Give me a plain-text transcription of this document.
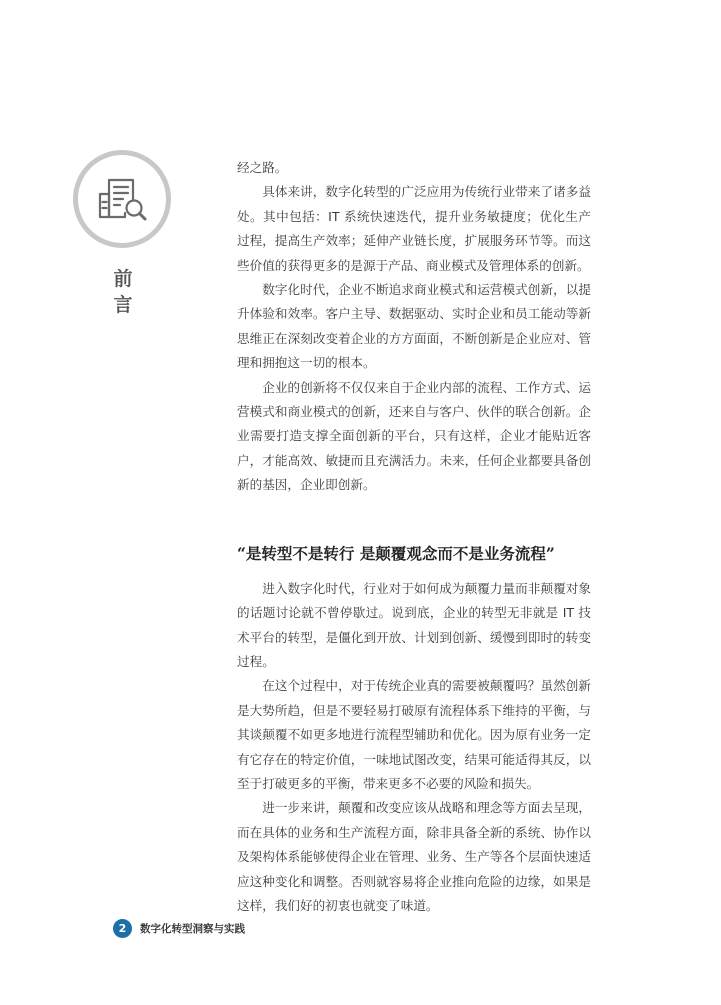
前
言

经之路。

具体来讲，数字化转型的广泛应用为传统行业带来了诸多益处。其中包括：IT 系统快速迭代，提升业务敏捷度；优化生产过程，提高生产效率；延伸产业链长度，扩展服务环节等。而这些价值的获得更多的是源于产品、商业模式及管理体系的创新。

数字化时代，企业不断追求商业模式和运营模式创新，以提升体验和效率。客户主导、数据驱动、实时企业和员工能动等新思维正在深刻改变着企业的方方面面，不断创新是企业应对、管理和拥抱这一切的根本。

企业的创新将不仅仅来自于企业内部的流程、工作方式、运营模式和商业模式的创新，还来自与客户、伙伴的联合创新。企业需要打造支撑全面创新的平台，只有这样，企业才能贴近客户，才能高效、敏捷而且充满活力。未来，任何企业都要具备创新的基因，企业即创新。

“是转型不是转行 是颠覆观念而不是业务流程”

进入数字化时代，行业对于如何成为颠覆力量而非颠覆对象的话题讨论就不曾停歇过。说到底，企业的转型无非就是 IT 技术平台的转型，是僵化到开放、计划到创新、缓慢到即时的转变过程。

在这个过程中，对于传统企业真的需要被颠覆吗？虽然创新是大势所趋，但是不要轻易打破原有流程体系下维持的平衡，与其谈颠覆不如更多地进行流程型辅助和优化。因为原有业务一定有它存在的特定价值，一味地试图改变，结果可能适得其反，以至于打破更多的平衡，带来更多不必要的风险和损失。

进一步来讲，颠覆和改变应该从战略和理念等方面去呈现，而在具体的业务和生产流程方面，除非具备全新的系统、协作以及架构体系能够使得企业在管理、业务、生产等各个层面快速适应这种变化和调整。否则就容易将企业推向危险的边缘，如果是这样，我们好的初衷也就变了味道。

2	数字化转型洞察与实践
